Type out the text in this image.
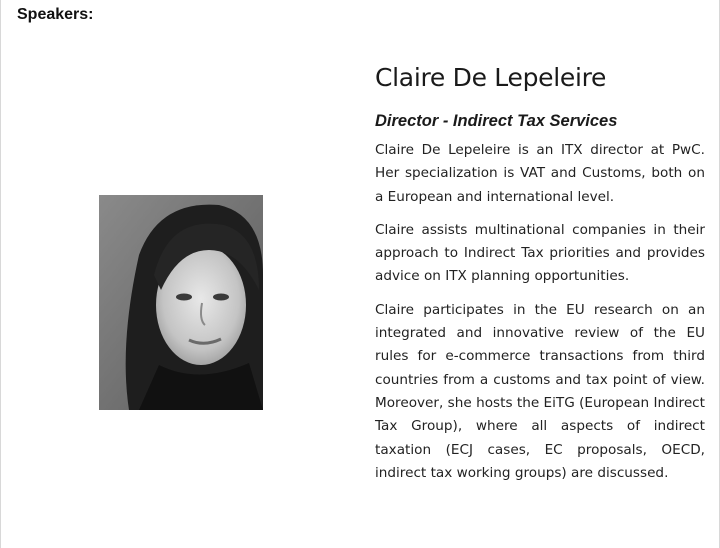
Speakers:
Claire De Lepeleire

Director - Indirect Tax Services

Claire De Lepeleire is an ITX director at PwC. Her specialization is VAT and Customs, both on a European and international level.

Claire assists multinational companies in their approach to Indirect Tax priorities and provides advice on ITX planning opportunities.

Claire participates in the EU research on an integrated and innovative review of the EU rules for e-commerce transactions from third countries from a customs and tax point of view. Moreover, she hosts the EiTG (European Indirect Tax Group), where all aspects of indirect taxation (ECJ cases, EC proposals, OECD, indirect tax working groups) are discussed.
